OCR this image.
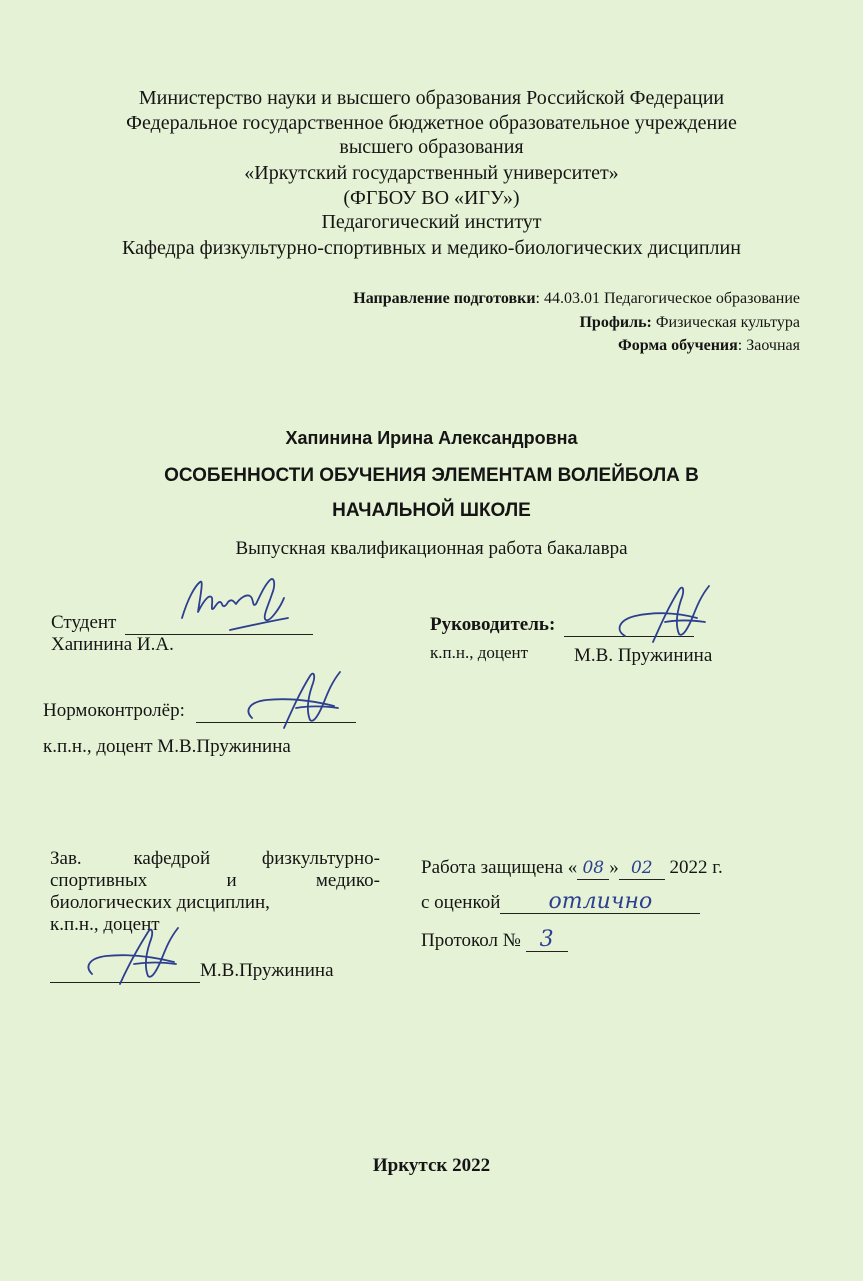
Министерство науки и высшего образования Российской Федерации
Федеральное государственное бюджетное образовательное учреждение
высшего образования
«Иркутский государственный университет»
(ФГБОУ ВО «ИГУ»)
Педагогический институт
Кафедра физкультурно-спортивных и медико-биологических дисциплин
Направление подготовки: 44.03.01 Педагогическое образование
Профиль: Физическая культура
Форма обучения: Заочная
Хапинина Ирина Александровна
ОСОБЕННОСТИ ОБУЧЕНИЯ ЭЛЕМЕНТАМ ВОЛЕЙБОЛА В
НАЧАЛЬНОЙ ШКОЛЕ
Выпускная квалификационная работа бакалавра
Студент
Хапинина И.А.
Руководитель:
к.п.н., доцент М.В. Пружинина
Нормоконтролёр:
к.п.н., доцент М.В.Пружинина
Зав.	кафедрой	физкультурно-
спортивных	и	медико-
биологических дисциплин,
к.п.н., доцент
М.В.Пружинина
Работа защищена « 08 » 02 2022 г.
с оценкой отлично
Протокол № 3
Иркутск 2022
